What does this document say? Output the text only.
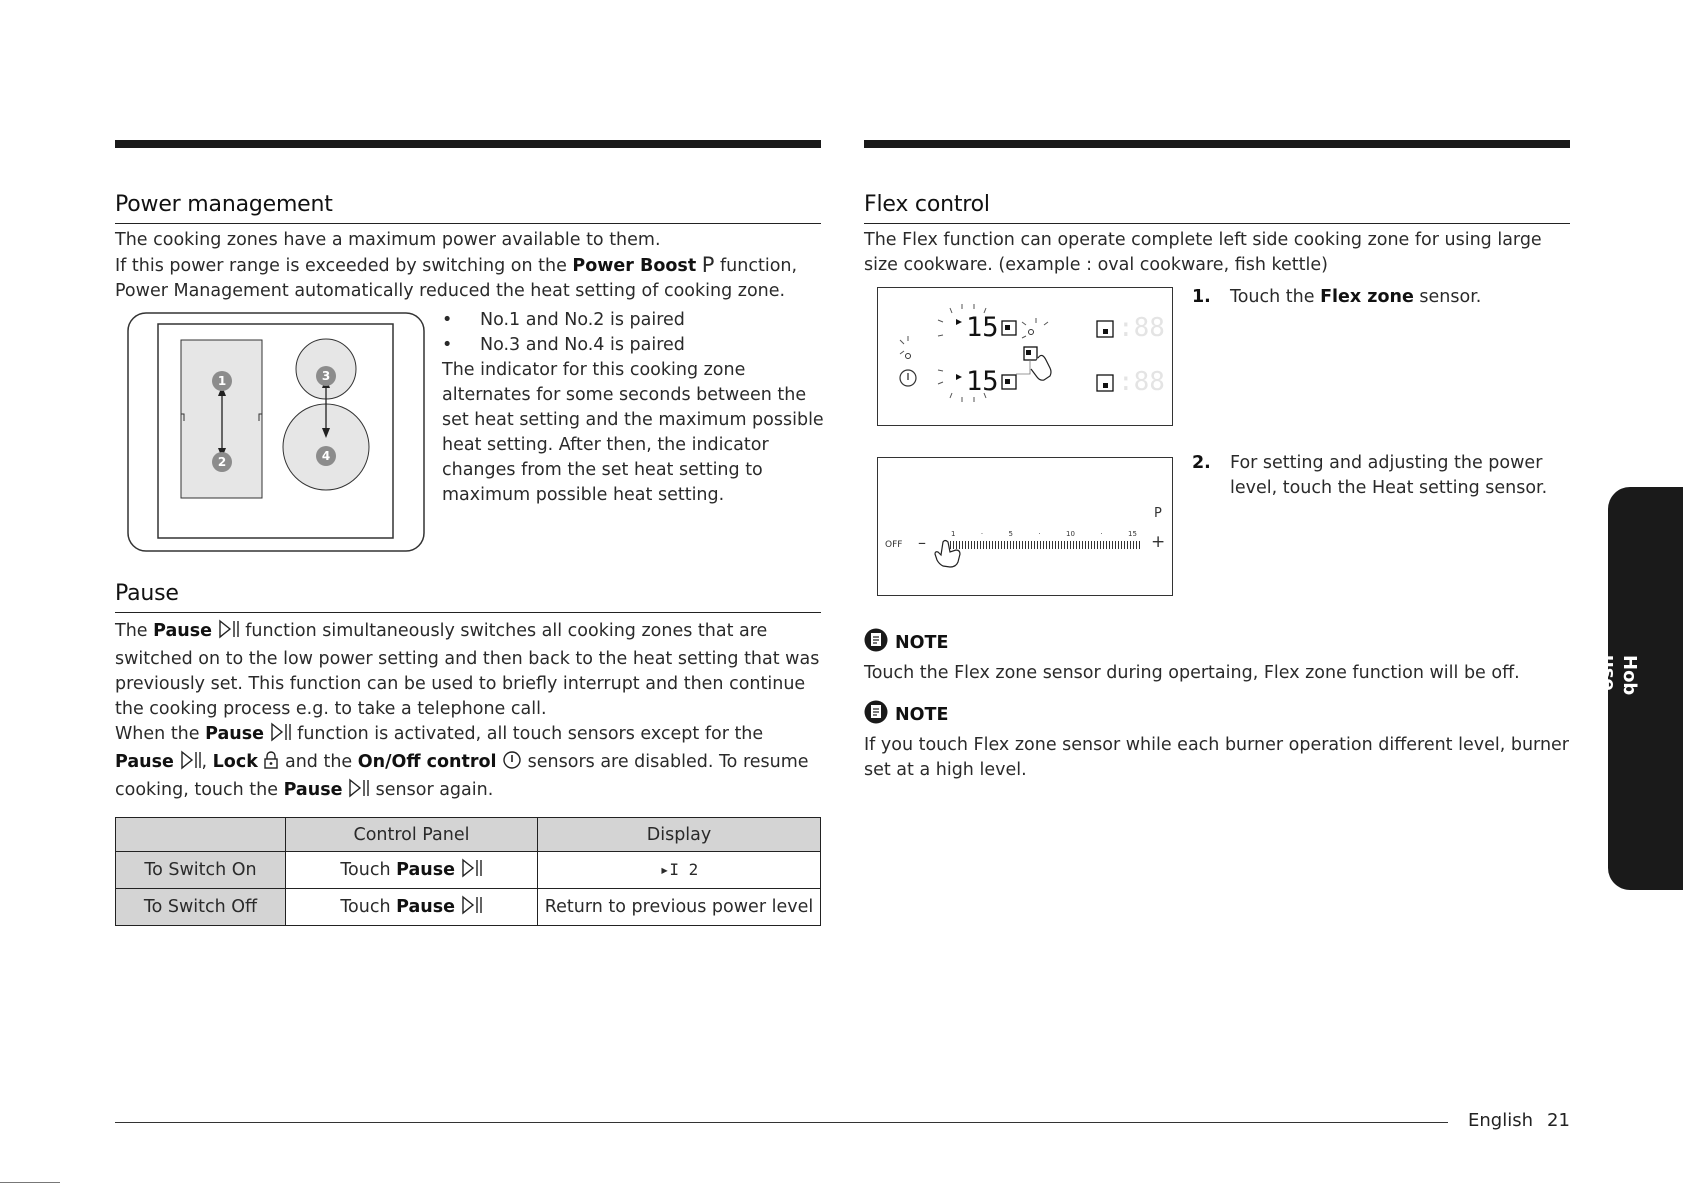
Power management

The cooking zones have a maximum power available to them.

If this power range is exceeded by switching on the Power Boost P function,

Power Management automatically reduced the heat setting of cooking zone.

1
2
3
4
• No.1 and No.2 is paired
• No.3 and No.4 is paired

The indicator for this cooking zone alternates for some seconds between the set heat setting and the maximum possible heat setting. After then, the indicator changes from the set heat setting to maximum possible heat setting.

Pause

The Pause  function simultaneously switches all cooking zones that are switched on to the low power setting and then back to the heat setting that was previously set. This function can be used to briefly interrupt and then continue the cooking process e.g. to take a telephone call.

When the Pause  function is activated, all touch sensors except for the Pause , Lock  and the On/Off control  sensors are disabled. To resume cooking, touch the Pause  sensor again.

	Control Panel	Display
To Switch On	Touch Pause	▸I 2
To Switch Off	Touch Pause	Return to previous power level
Flex control

The Flex function can operate complete left side cooking zone for using large size cookware. (example : oval cookware, fish kettle)

15
15
:88
:88
1. Touch the Flex zone sensor.
P
OFF –	+
1	·	5	·	10	·	15
2. For setting and adjusting the power level, touch the Heat setting sensor.
NOTE

Touch the Flex zone sensor during opertaing, Flex zone function will be off.

NOTE

If you touch Flex zone sensor while each burner operation different level, burner set at a high level.

Hob use
English 21
